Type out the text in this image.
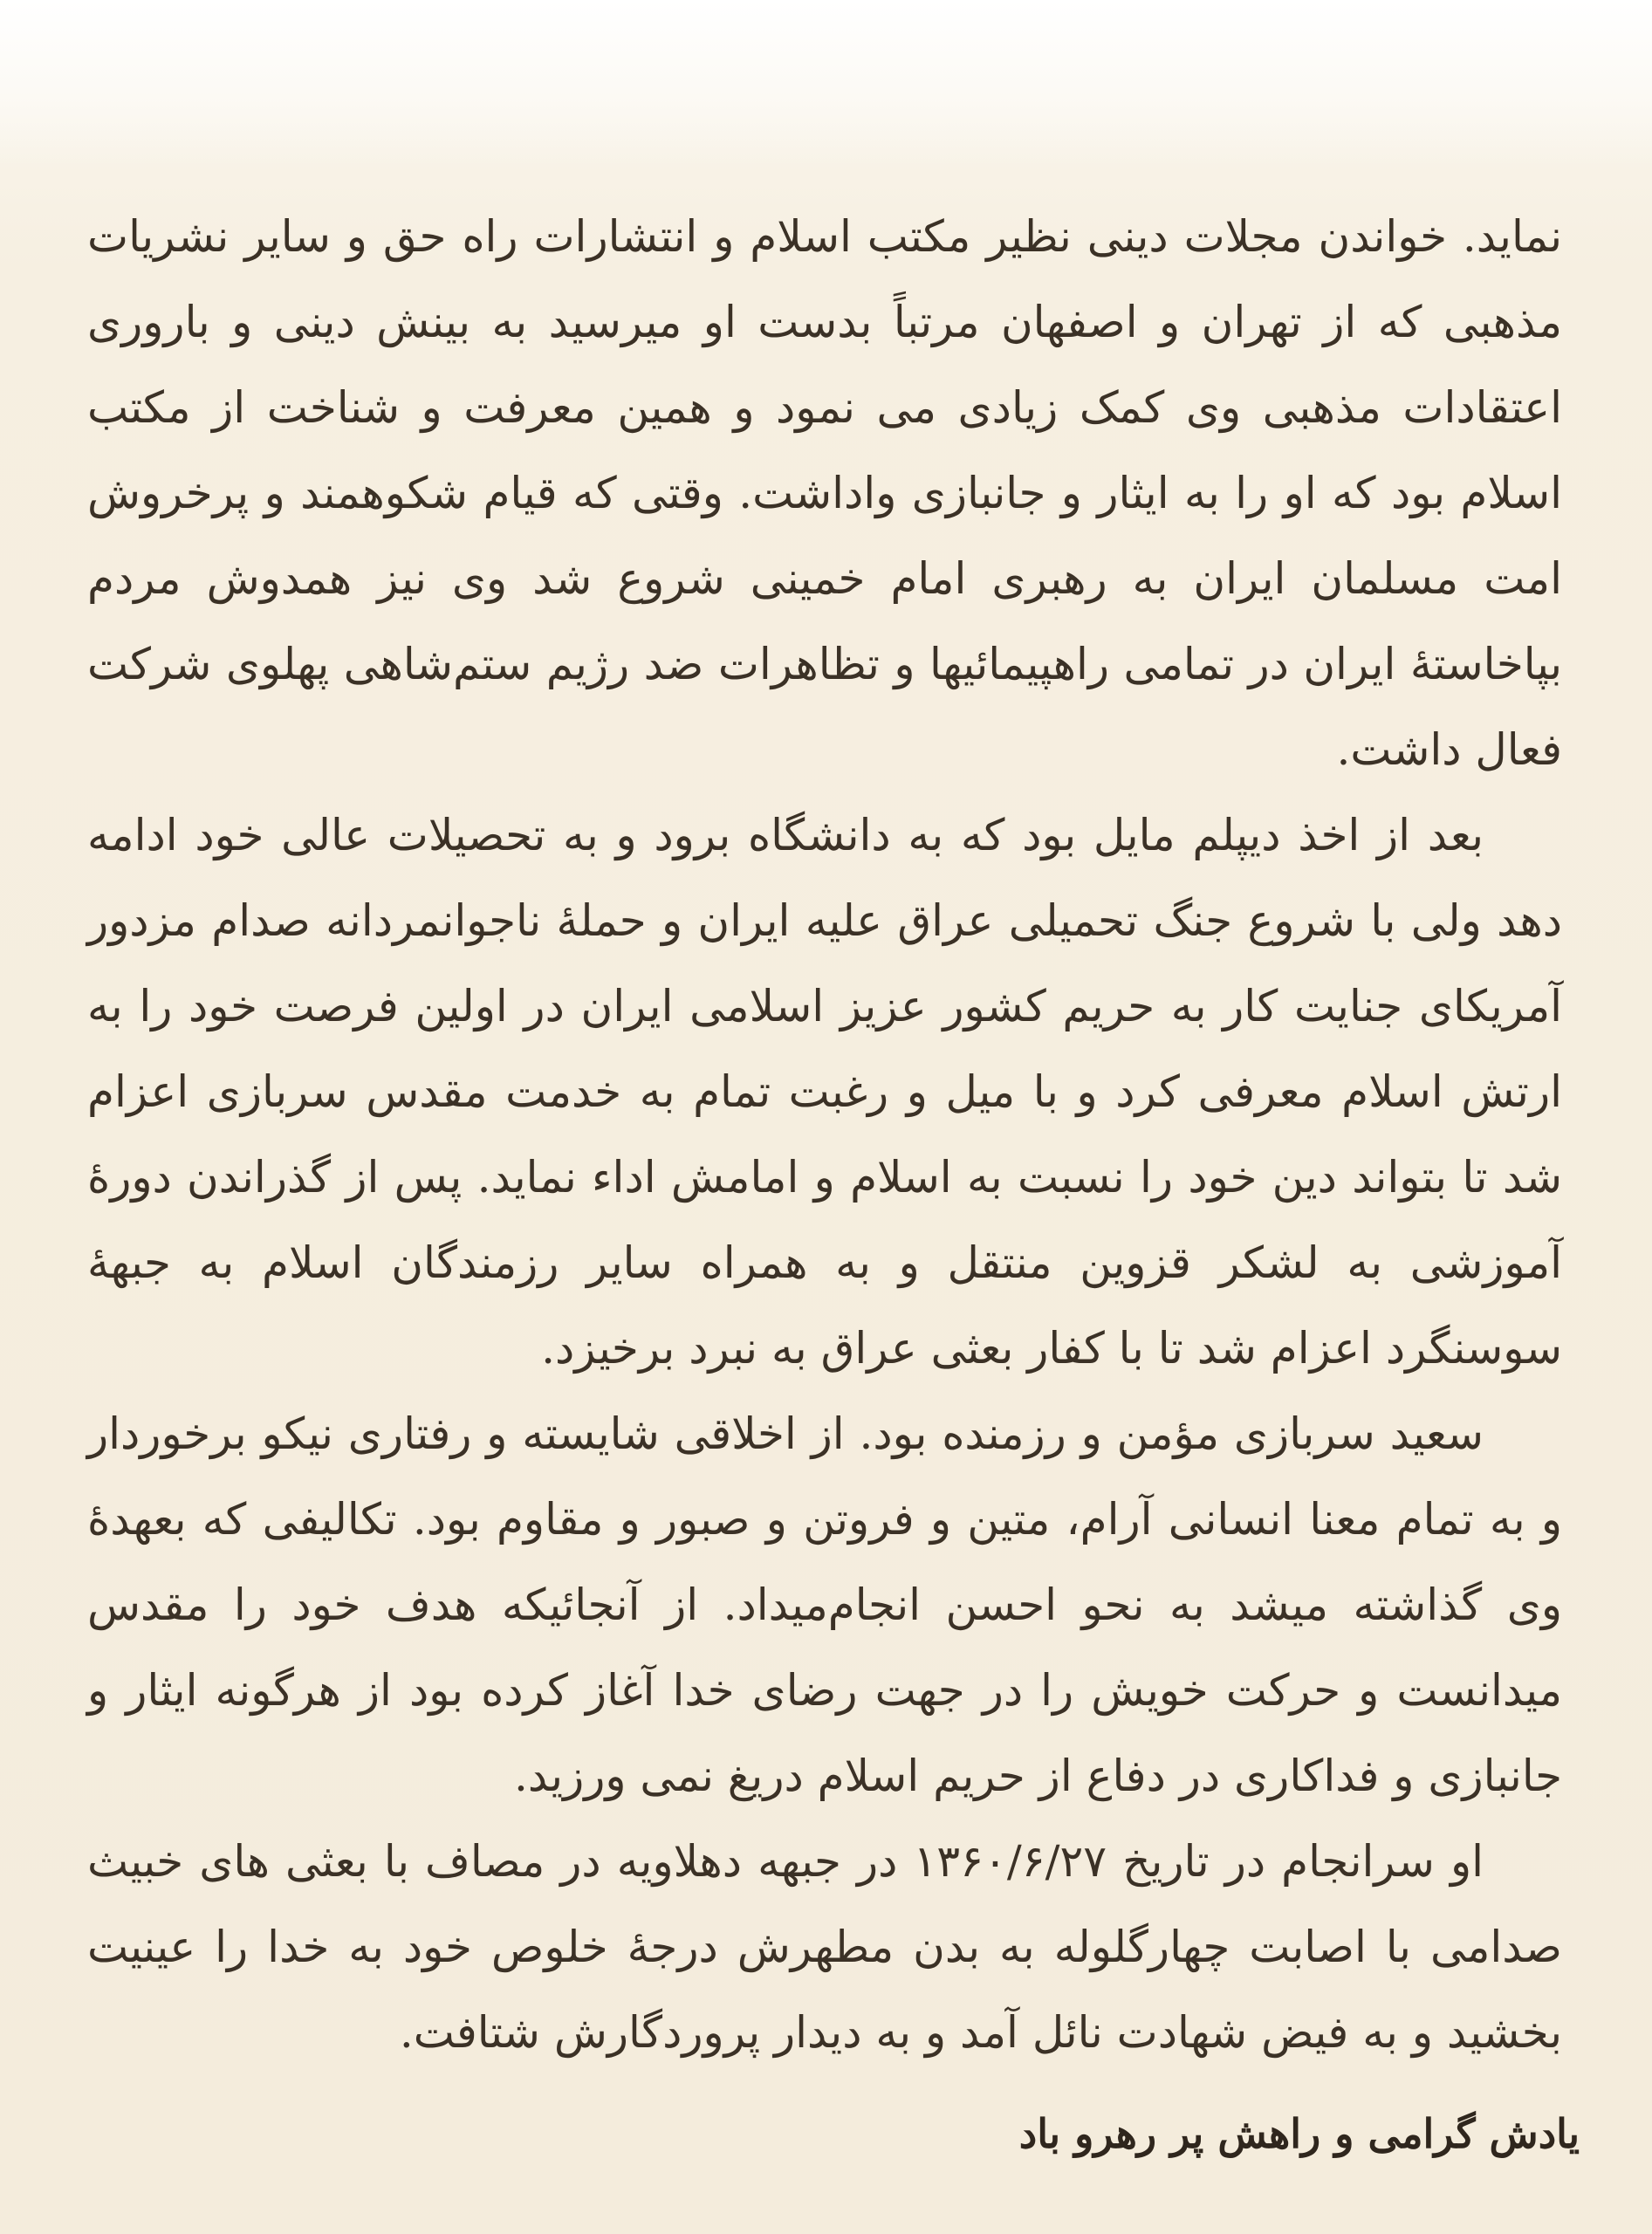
نماید. خواندن مجلات دینی نظیر مکتب اسلام و انتشارات راه حق و سایر نشریات مذهبی که از تهران و اصفهان مرتباً بدست او میرسید به بینش دینی و باروری اعتقادات مذهبی وی کمک زیادی می نمود و همین معرفت و شناخت از مکتب اسلام بود که او را به ایثار و جانبازی واداشت. وقتی که قیام شکوهمند و پرخروش امت مسلمان ایران به رهبری امام خمینی شروع شد وی نیز همدوش مردم بپاخاستهٔ ایران در تمامی راهپیمائیها و تظاهرات ضد رژیم ستم‌شاهی پهلوی شرکت فعال داشت.

بعد از اخذ دیپلم مایل بود که به دانشگاه برود و به تحصیلات عالی خود ادامه دهد ولی با شروع جنگ تحمیلی عراق علیه ایران و حملهٔ ناجوانمردانه صدام مزدور آمریکای جنایت کار به حریم کشور عزیز اسلامی ایران در اولین فرصت خود را به ارتش اسلام معرفی کرد و با میل و رغبت تمام به خدمت مقدس سربازی اعزام شد تا بتواند دین خود را نسبت به اسلام و امامش اداء نماید. پس از گذراندن دورهٔ آموزشی به لشکر قزوین منتقل و به همراه سایر رزمندگان اسلام به جبههٔ سوسنگرد اعزام شد تا با کفار بعثی عراق به نبرد برخیزد.

سعید سربازی مؤمن و رزمنده بود. از اخلاقی شایسته و رفتاری نیکو برخوردار و به تمام معنا انسانی آرام، متین و فروتن و صبور و مقاوم بود. تکالیفی که بعهدهٔ وی گذاشته میشد به نحو احسن انجام‌میداد. از آنجائیکه هدف خود را مقدس میدانست و حرکت خویش را در جهت رضای خدا آغاز کرده بود از هرگونه ایثار و جانبازی و فداکاری در دفاع از حریم اسلام دریغ نمی ورزید.

او سرانجام در تاریخ ۱۳۶۰/۶/۲۷ در جبهه دهلاویه در مصاف با بعثی های خبیث صدامی با اصابت چهارگلوله به بدن مطهرش درجهٔ خلوص خود به خدا را عینیت بخشید و به فیض شهادت نائل آمد و به دیدار پروردگارش شتافت.

یادش گرامی و راهش پر رهرو باد
